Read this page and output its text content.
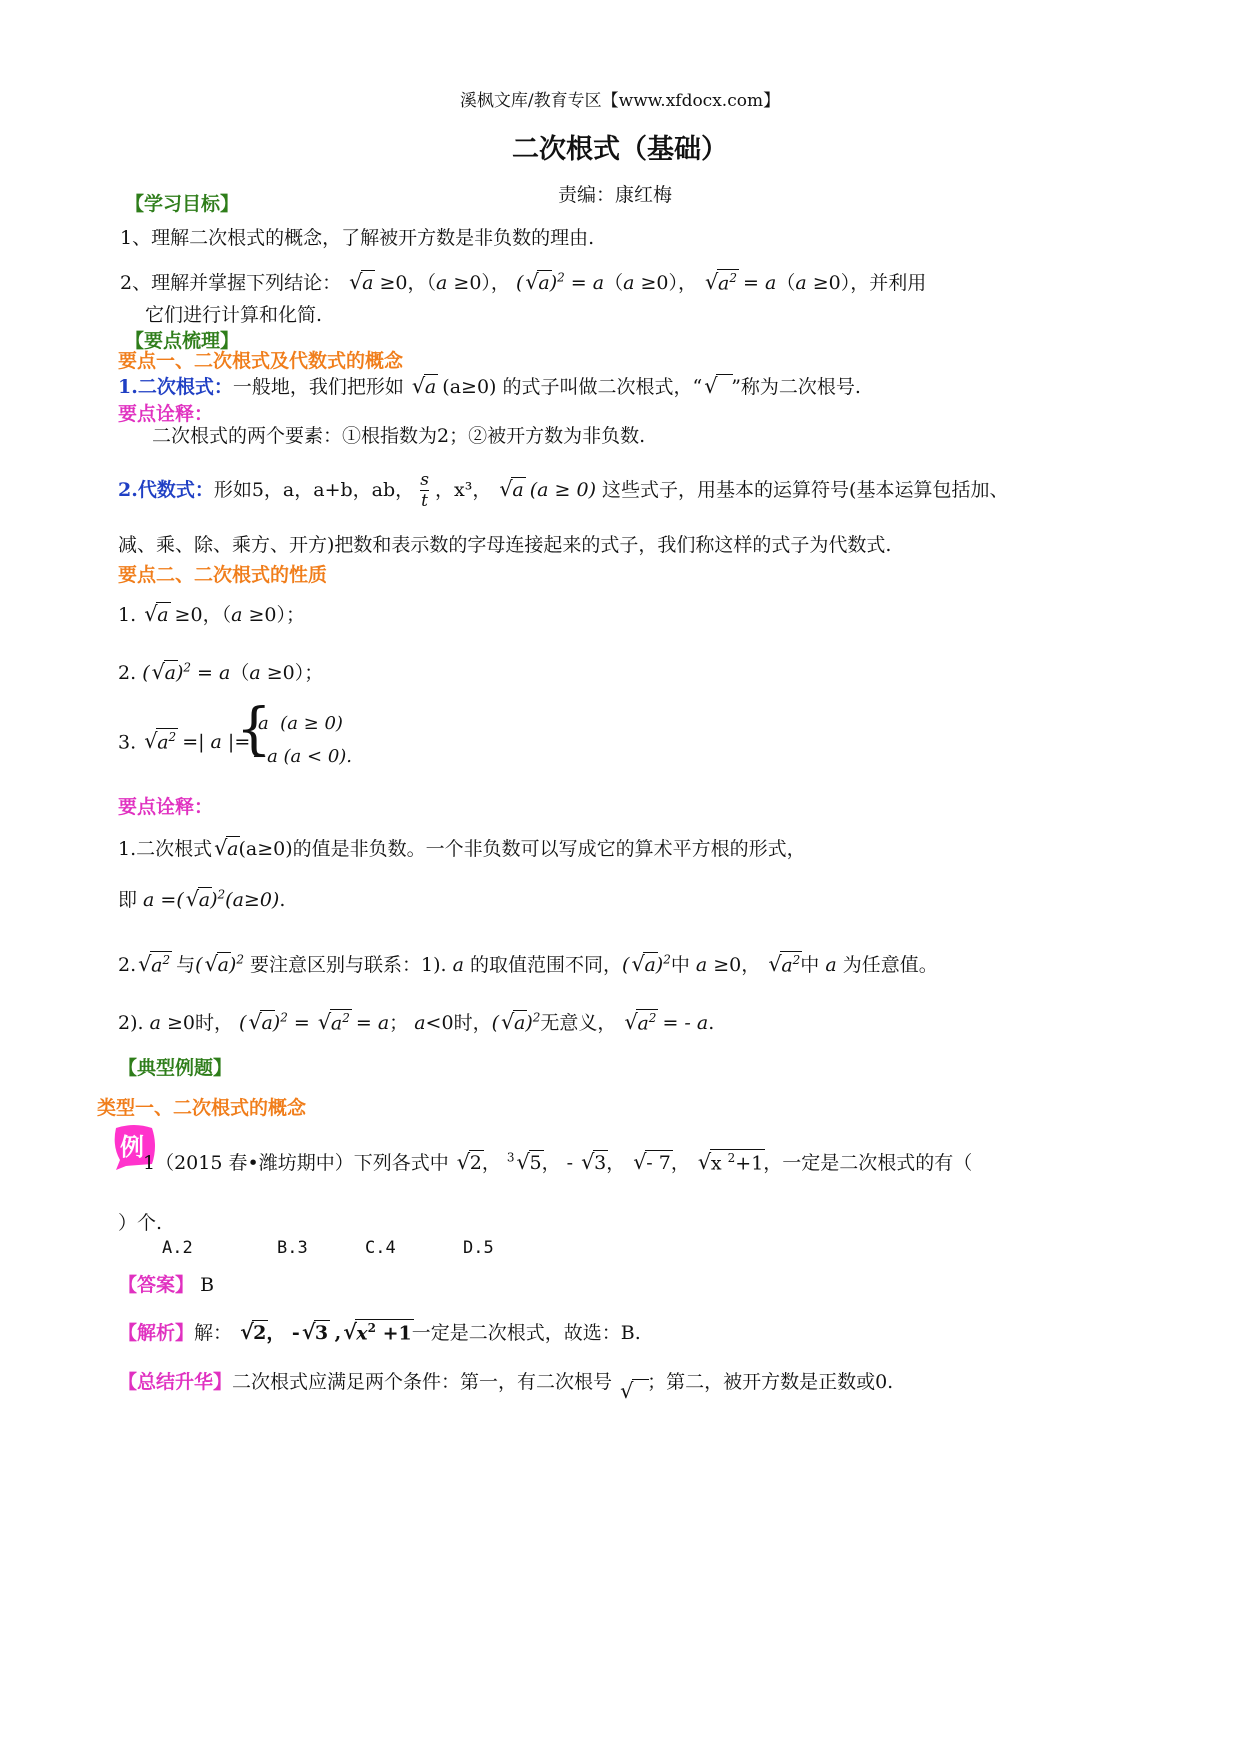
溪枫文库/教育专区【www.xfdocx.com】
二次根式（基础）
责编：康红梅
【学习目标】
1、理解二次根式的概念，了解被开方数是非负数的理由.
2、理解并掌握下列结论： √ a ≥0，（a ≥0）， ( √ a)$^2$ = a（a ≥0）， √ $a^2 = a(a \ge 0)$，并利用
它们进行计算和化简.
【要点梳理】
要点一、二次根式及代数式的概念
1.二次根式：一般地，我们把形如 √ a (a≥0) 的式子叫做二次根式，“ √ ”称为二次根号.
要点诠释：
二次根式的两个要素：①根指数为2；②被开方数为非负数.
2.代数式：形如5，a，a+b，ab， $\frac{s}{t}$ ，x³， √ a (a ≥ 0) 这些式子，用基本的运算符号(基本运算包括加、
减、乘、除、乘方、开方)把数和表示数的字母连接起来的式子，我们称这样的式子为代数式.
要点二、二次根式的性质
1. √ a ≥0，（a ≥0）；
2. ( √ a)$^2$ = a（a ≥0）；
3. √ $a^2$ =| a |=
{
a  (a ≥ 0)
−a (a < 0).
要点诠释：
1.二次根式 √ a(a≥0)的值是非负数。一个非负数可以写成它的算术平方根的形式，
即 a =( √ a)$^2$(a≥0).
2. √ $a^2$ 与( √ a)$^2$ 要注意区别与联系：1). a 的取值范围不同，( √ a)$^2$中 a ≥0， √ $a^2$中 a 为任意值。
2). a ≥0时， ( √ a)$^2$ = √ $a^2 = a$； a<0时，( √ a)$^2$无意义， √ $a^2$ = - a.
【典型例题】
类型一、二次根式的概念
例
1（2015 春•潍坊期中）下列各式中 √ 2， $^3$ √ 5， - √ 3， √ - 7， √ x $^2$+1，一定是二次根式的有（
）个.
A.2	B.3	C.4	D.5
【答案】 B
【解析】解： √ 2， - √ 3 , √ $x^2 +1$一定是二次根式，故选：B.
【总结升华】二次根式应满足两个条件：第一，有二次根号 √ ；第二，被开方数是正数或0.
